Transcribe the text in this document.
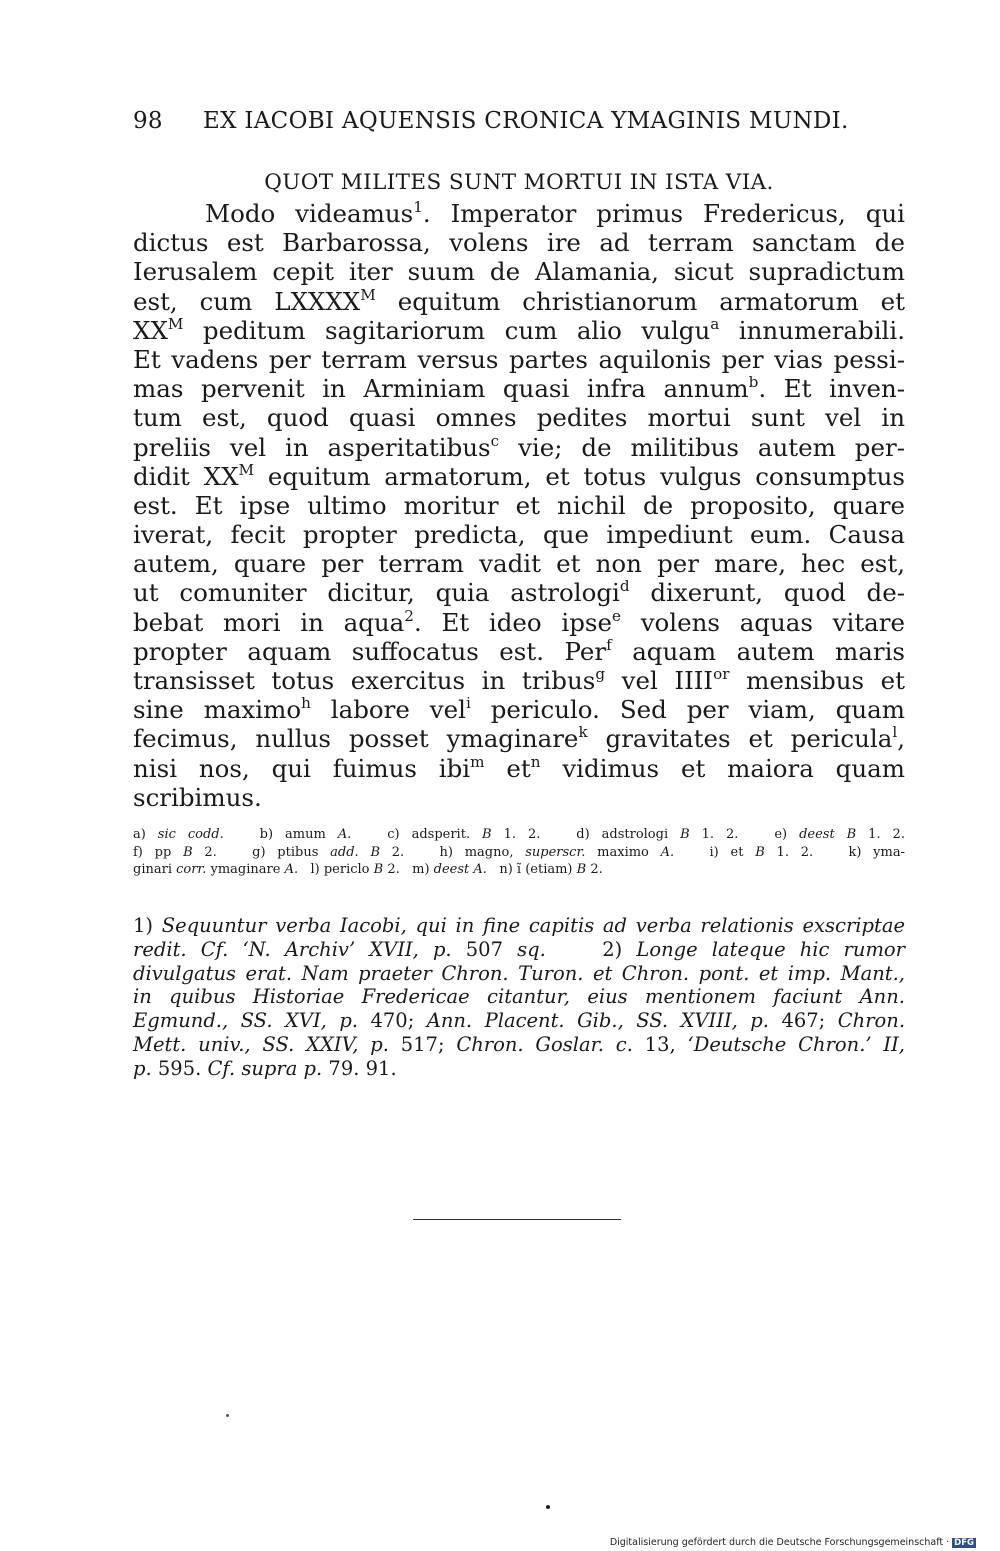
98 EX IACOBI AQUENSIS CRONICA YMAGINIS MUNDI.
QUOT MILITES SUNT MORTUI IN ISTA VIA.
Modo videamus$^1$. Imperator primus Fredericus, qui
dictus est Barbarossa, volens ire ad terram sanctam de
Ierusalem cepit iter suum de Alamania, sicut supradictum
est, cum $LXXXX^M$ equitum christianorum armatorum et
$XX^M$ peditum sagitariorum cum alio vulgu$^a$ innumerabili.
Et vadens per terram versus partes aquilonis per vias pessi-
mas pervenit in Arminiam quasi infra annum$^b$. Et inven-
tum est, quod quasi omnes pedites mortui sunt vel in
preliis vel in asperitatibus$^c$ vie; de militibus autem per-
didit $XX^M$ equitum armatorum, et totus vulgus consumptus
est. Et ipse ultimo moritur et nichil de proposito, quare
iverat, fecit propter predicta, que impediunt eum. Causa
autem, quare per terram vadit et non per mare, hec est,
ut comuniter dicitur, quia astrologi$^d$ dixerunt, quod de-
bebat mori in aqua$^2$. Et ideo ipse$^e$ volens aquas vitare
propter aquam suffocatus est. Per$^f$ aquam autem maris
transisset totus exercitus in tribus$^g$ vel $IIII^{or}$ mensibus et
sine maximo$^h$ labore vel$^i$ periculo. Sed per viam, quam
fecimus, nullus posset ymaginare$^k$ gravitates et pericula$^l$,
nisi nos, qui fuimus ibi$^m$ $et^n$ vidimus et maiora quam
scribimus.
a) sic codd.   b) amum A.   c) adsperit. B 1. 2.   d) adstrologi B 1. 2.   e) deest B 1. 2.
f) pp B 2.   g) ptibus add. B 2.   h) magno, superscr. maximo A.   i) et B 1. 2.   k) yma-
ginari corr. ymaginare A.   l) periclo B 2.   m) deest A.   n) ĩ (etiam) B 2.
1) Sequuntur verba Iacobi, qui in fine capitis ad verba relationis exscriptae
redit. Cf. ‘N. Archiv’ XVII, p. 507 sq.    2) Longe lateque hic rumor
divulgatus erat. Nam praeter Chron. Turon. et Chron. pont. et imp. Mant.,
in quibus Historiae Fredericae citantur, eius mentionem faciunt Ann.
Egmund., SS. XVI, p. 470; Ann. Placent. Gib., SS. XVIII, p. 467; Chron.
Mett. univ., SS. XXIV, p. 517; Chron. Goslar. c. 13, ‘Deutsche Chron.’ II,
p. 595. Cf. supra p. 79. 91.
Digitalisierung gefördert durch die Deutsche Forschungsgemeinschaft · DFG
